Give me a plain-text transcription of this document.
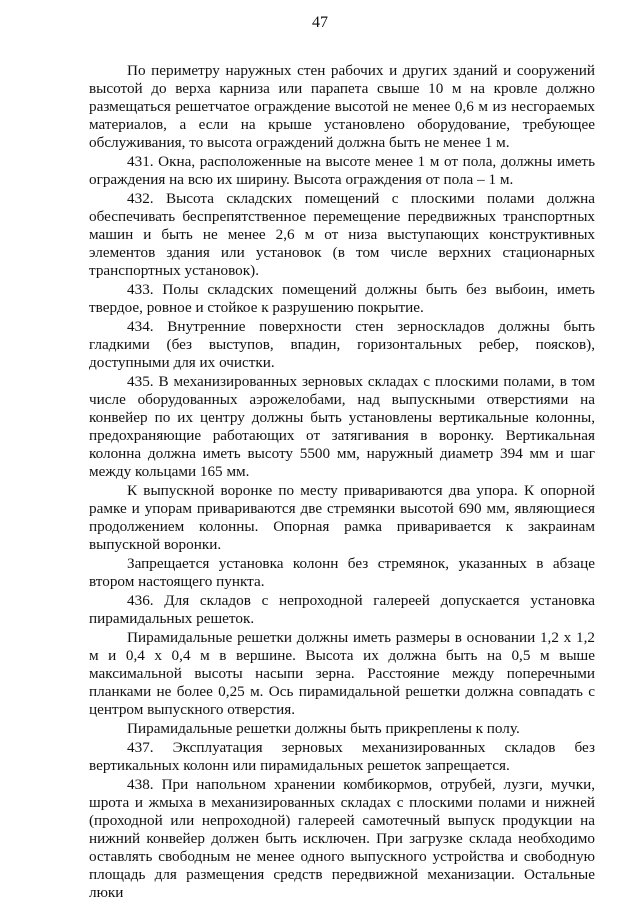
47

По периметру наружных стен рабочих и других зданий и сооружений высотой до верха карниза или парапета свыше 10 м на кровле должно размещаться решетчатое ограждение высотой не менее 0,6 м из несгораемых материалов, а если на крыше установлено оборудование, требующее обслуживания, то высота ограждений должна быть не менее 1 м.

431. Окна, расположенные на высоте менее 1 м от пола, должны иметь ограждения на всю их ширину. Высота ограждения от пола – 1 м.

432. Высота складских помещений с плоскими полами должна обеспечивать беспрепятственное перемещение передвижных транспортных машин и быть не менее 2,6 м от низа выступающих конструктивных элементов здания или установок (в том числе верхних стационарных транспортных установок).

433. Полы складских помещений должны быть без выбоин, иметь твердое, ровное и стойкое к разрушению покрытие.

434. Внутренние поверхности стен зерноскладов должны быть гладкими (без выступов, впадин, горизонтальных ребер, поясков), доступными для их очистки.

435. В механизированных зерновых складах с плоскими полами, в том числе оборудованных аэрожелобами, над выпускными отверстиями на конвейер по их центру должны быть установлены вертикальные колонны, предохраняющие работающих от затягивания в воронку. Вертикальная колонна должна иметь высоту 5500 мм, наружный диаметр 394 мм и шаг между кольцами 165 мм.

К выпускной воронке по месту привариваются два упора. К опорной рамке и упорам привариваются две стремянки высотой 690 мм, являющиеся продолжением колонны. Опорная рамка приваривается к закраинам выпускной воронки.

Запрещается установка колонн без стремянок, указанных в абзаце втором настоящего пункта.

436. Для складов с непроходной галереей допускается установка пирамидальных решеток.

Пирамидальные решетки должны иметь размеры в основании 1,2 x 1,2 м и 0,4 x 0,4 м в вершине. Высота их должна быть на 0,5 м выше максимальной высоты насыпи зерна. Расстояние между поперечными планками не более 0,25 м. Ось пирамидальной решетки должна совпадать с центром выпускного отверстия.

Пирамидальные решетки должны быть прикреплены к полу.

437. Эксплуатация зерновых механизированных складов без вертикальных колонн или пирамидальных решеток запрещается.

438. При напольном хранении комбикормов, отрубей, лузги, мучки, шрота и жмыха в механизированных складах с плоскими полами и нижней (проходной или непроходной) галереей самотечный выпуск продукции на нижний конвейер должен быть исключен. При загрузке склада необходимо оставлять свободным не менее одного выпускного устройства и свободную площадь для размещения средств передвижной механизации. Остальные люки
